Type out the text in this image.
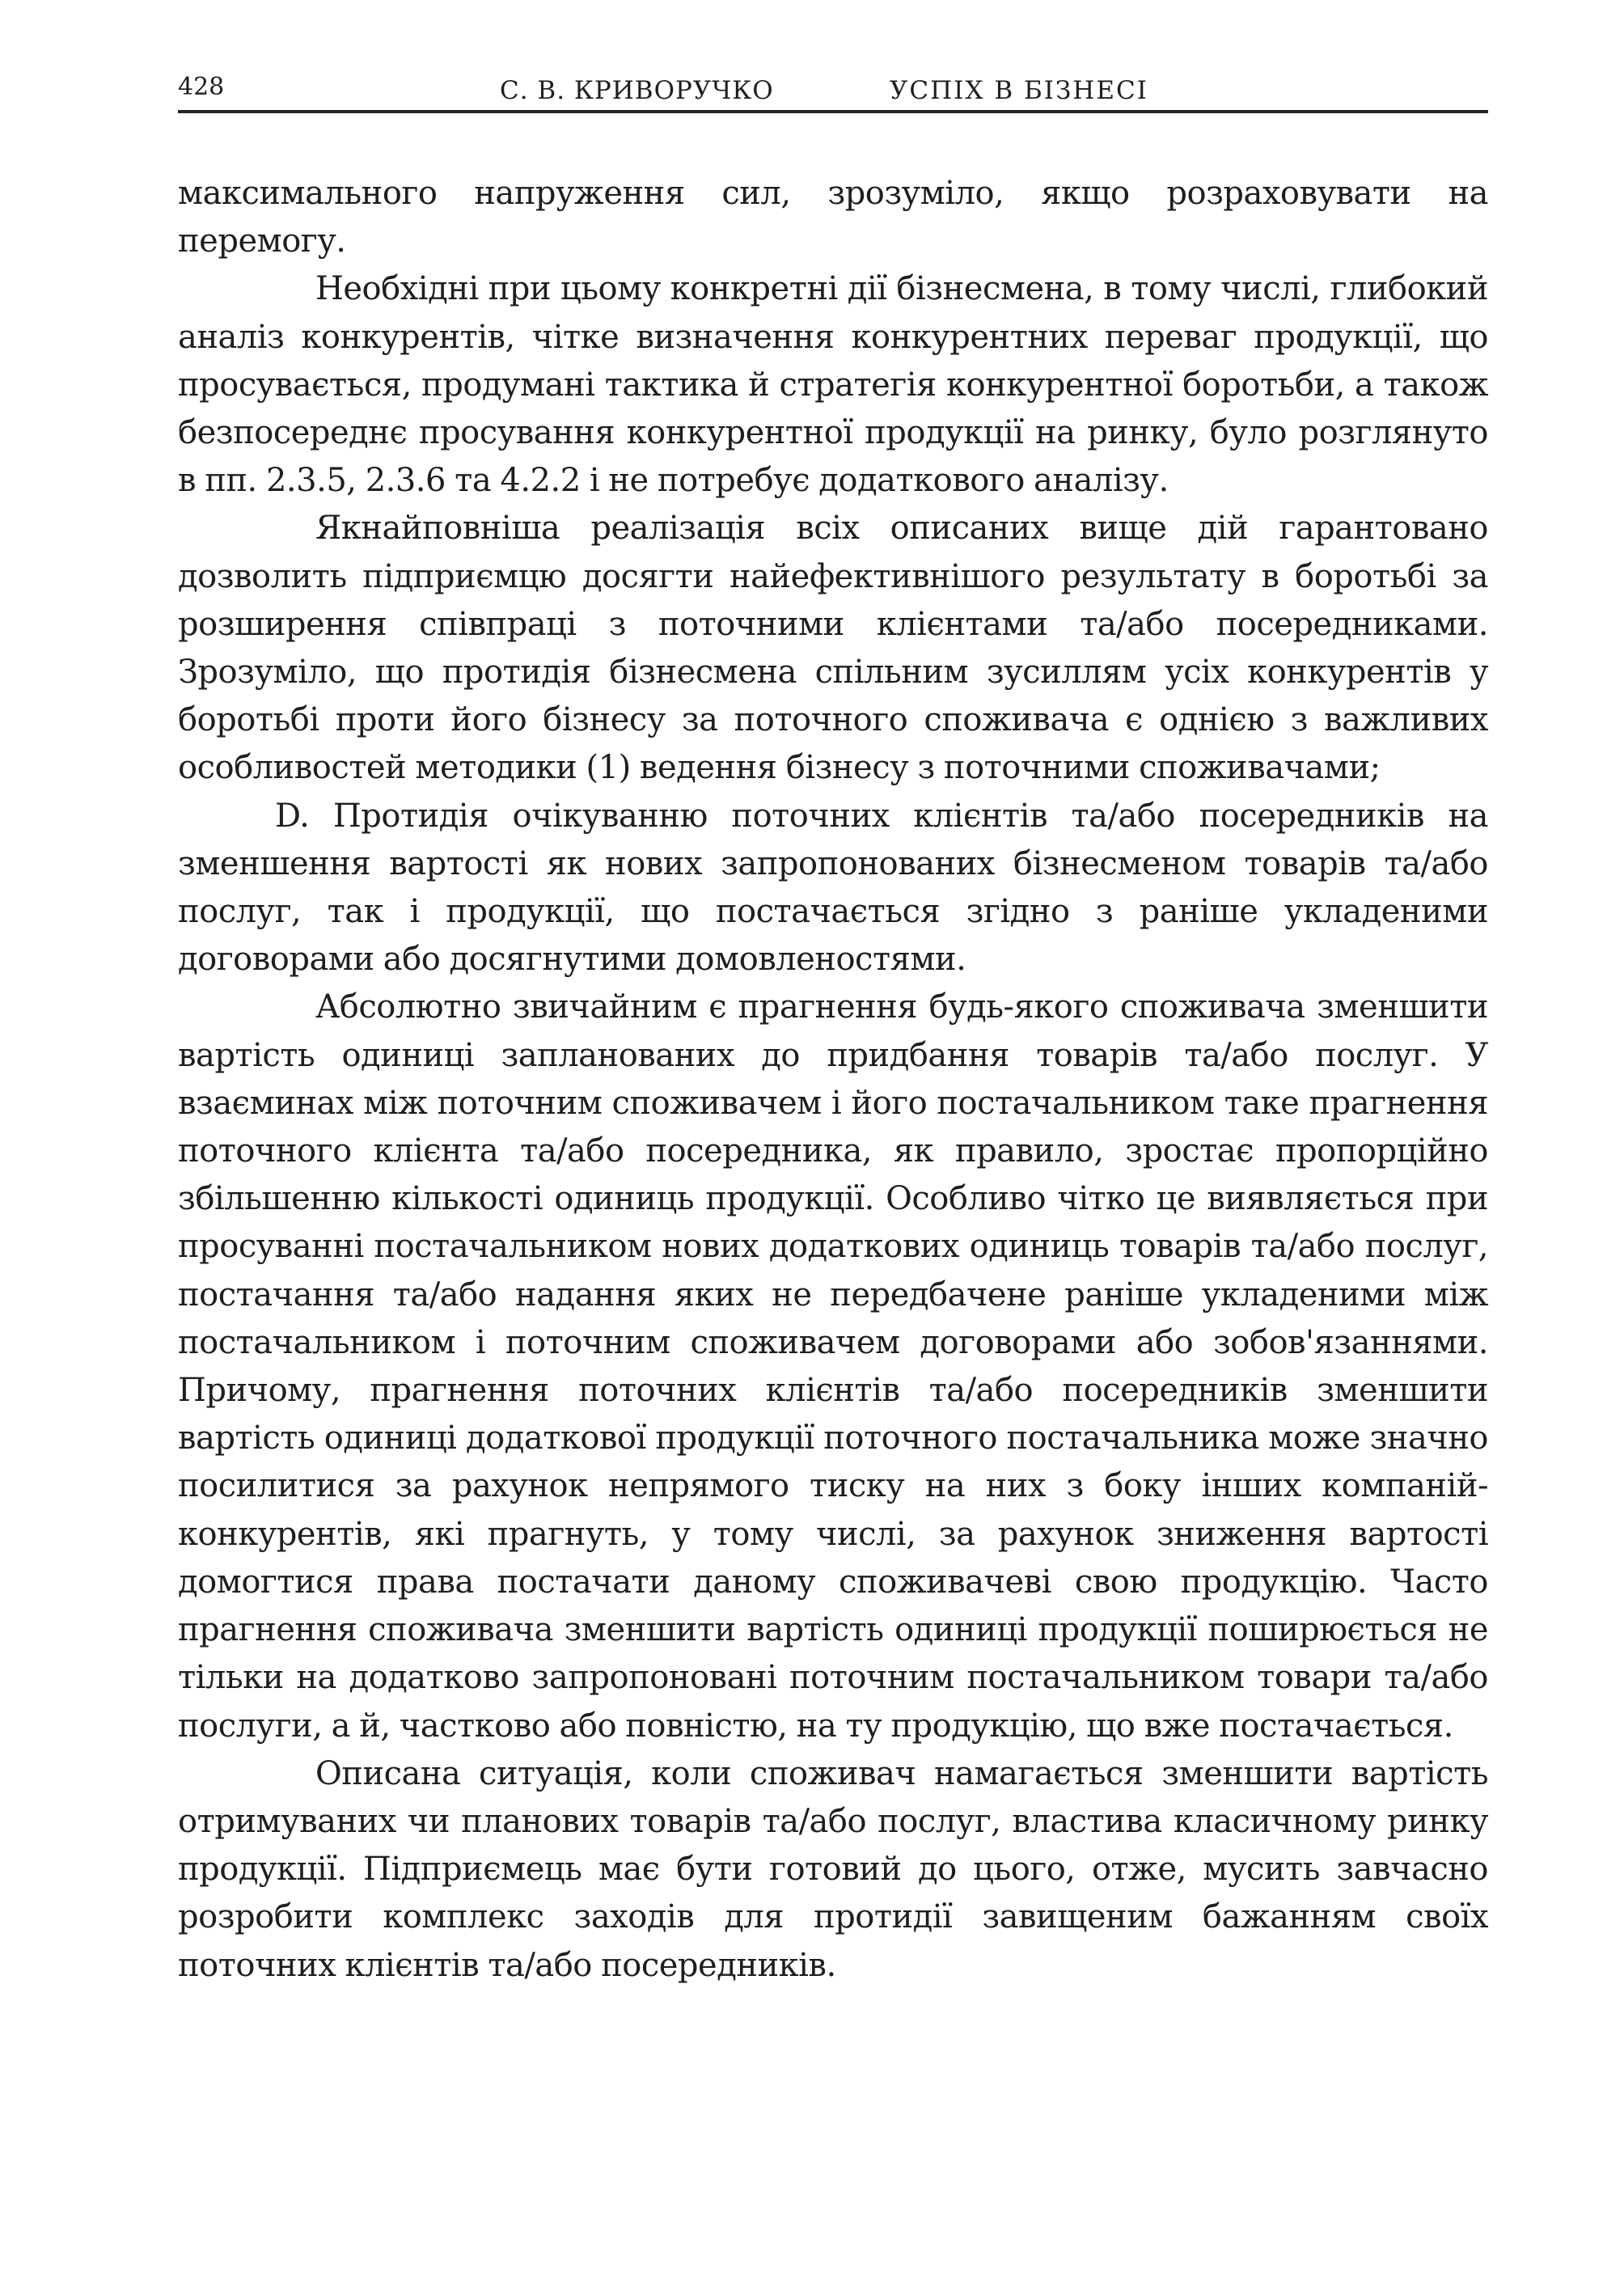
428	С. В. КРИВОРУЧКО	УСПІХ В БІЗНЕСІ

максимального напруження сил, зрозуміло, якщо розраховувати на перемогу.

Необхідні при цьому конкретні дії бізнесмена, в тому числі, глибокий аналіз конкурентів, чітке визначення конкурентних переваг продукції, що просувається, продумані тактика й стратегія конкурентної боротьби, а також безпосереднє просування конкурентної продукції на ринку, було розглянуто в пп. 2.3.5, 2.3.6 та 4.2.2 і не потребує додаткового аналізу.

Якнайповніша реалізація всіх описаних вище дій гарантовано дозволить підприємцю досягти найефективнішого результату в боротьбі за розширення співпраці з поточними клієнтами та/або посередниками. Зрозуміло, що протидія бізнесмена спільним зусиллям усіх конкурентів у боротьбі проти його бізнесу за поточного споживача є однією з важливих особливостей методики (1) ведення бізнесу з поточними споживачами;

D. Протидія очікуванню поточних клієнтів та/або посередників на зменшення вартості як нових запропонованих бізнесменом товарів та/або послуг, так і продукції, що постачається згідно з раніше укладеними договорами або досягнутими домовленостями.

Абсолютно звичайним є прагнення будь-якого споживача зменшити вартість одиниці запланованих до придбання товарів та/або послуг. У взаєминах між поточним споживачем і його постачальником таке прагнення поточного клієнта та/або посередника, як правило, зростає пропорційно збільшенню кількості одиниць продукції. Особливо чітко це виявляється при просуванні постачальником нових додаткових одиниць товарів та/або послуг, постачання та/або надання яких не передбачене раніше укладеними між постачальником і поточним споживачем договорами або зобов'язаннями. Причому, прагнення поточних клієнтів та/або посередників зменшити вартість одиниці додаткової продукції поточного постачальника може значно посилитися за рахунок непрямого тиску на них з боку інших компаній-конкурентів, які прагнуть, у тому числі, за рахунок зниження вартості домогтися права постачати даному споживачеві свою продукцію. Часто прагнення споживача зменшити вартість одиниці продукції поширюється не тільки на додатково запропоновані поточним постачальником товари та/або послуги, а й, частково або повністю, на ту продукцію, що вже постачається.

Описана ситуація, коли споживач намагається зменшити вартість отримуваних чи планових товарів та/або послуг, властива класичному ринку продукції. Підприємець має бути готовий до цього, отже, мусить завчасно розробити комплекс заходів для протидії завищеним бажанням своїх поточних клієнтів та/або посередників.
